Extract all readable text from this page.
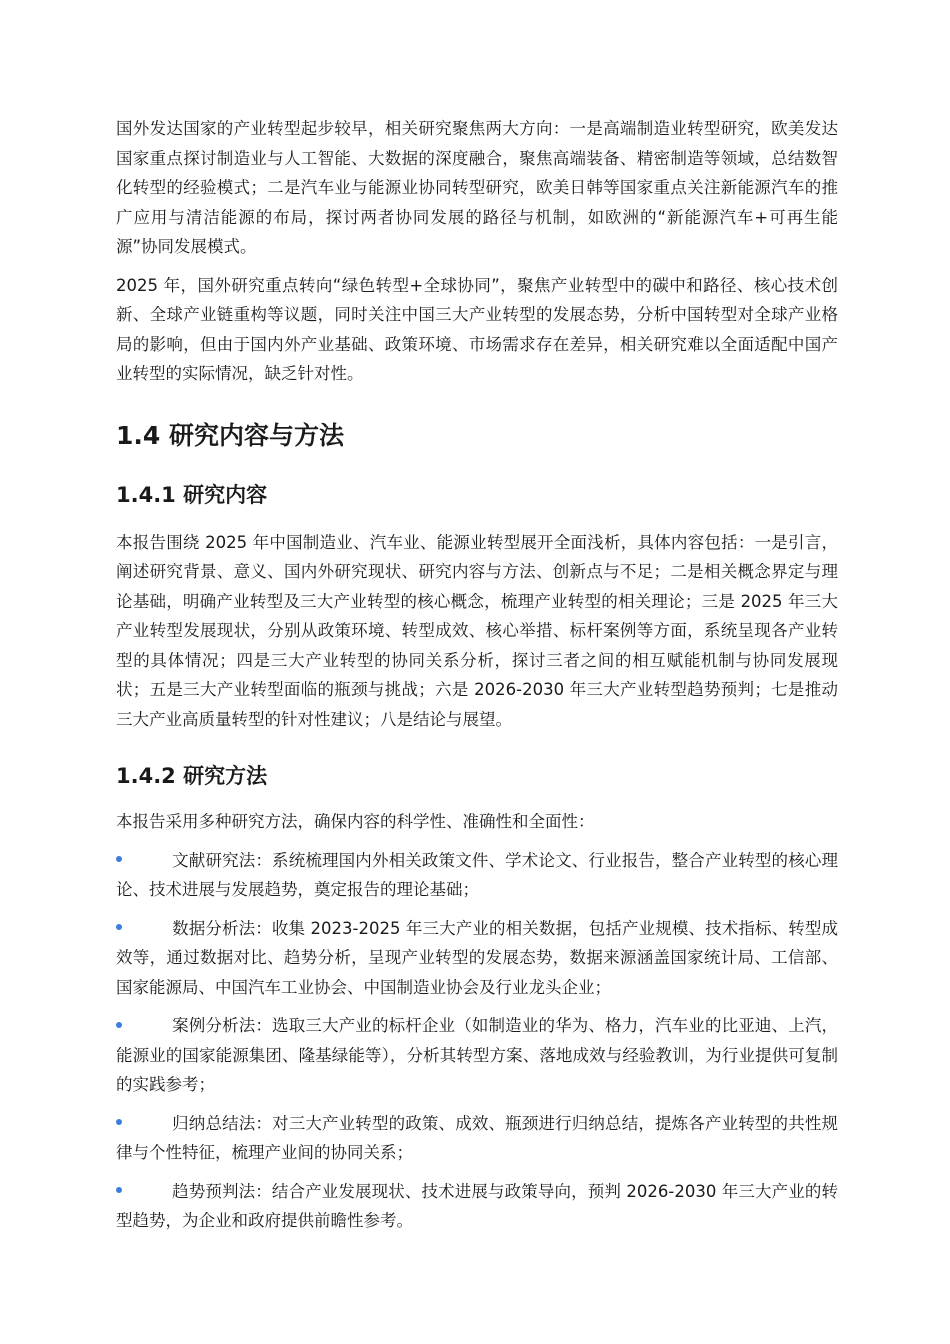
国外发达国家的产业转型起步较早，相关研究聚焦两大方向：一是高端制造业转型研究，欧美发达国家重点探讨制造业与人工智能、大数据的深度融合，聚焦高端装备、精密制造等领域，总结数智化转型的经验模式；二是汽车业与能源业协同转型研究，欧美日韩等国家重点关注新能源汽车的推广应用与清洁能源的布局，探讨两者协同发展的路径与机制，如欧洲的“新能源汽车+可再生能源”协同发展模式。

2025 年，国外研究重点转向“绿色转型+全球协同”，聚焦产业转型中的碳中和路径、核心技术创新、全球产业链重构等议题，同时关注中国三大产业转型的发展态势，分析中国转型对全球产业格局的影响，但由于国内外产业基础、政策环境、市场需求存在差异，相关研究难以全面适配中国产业转型的实际情况，缺乏针对性。

1.4 研究内容与方法
1.4.1 研究内容

本报告围绕 2025 年中国制造业、汽车业、能源业转型展开全面浅析，具体内容包括：一是引言，阐述研究背景、意义、国内外研究现状、研究内容与方法、创新点与不足；二是相关概念界定与理论基础，明确产业转型及三大产业转型的核心概念，梳理产业转型的相关理论；三是 2025 年三大产业转型发展现状，分别从政策环境、转型成效、核心举措、标杆案例等方面，系统呈现各产业转型的具体情况；四是三大产业转型的协同关系分析，探讨三者之间的相互赋能机制与协同发展现状；五是三大产业转型面临的瓶颈与挑战；六是 2026-2030 年三大产业转型趋势预判；七是推动三大产业高质量转型的针对性建议；八是结论与展望。

1.4.2 研究方法

本报告采用多种研究方法，确保内容的科学性、准确性和全面性：

文献研究法：系统梳理国内外相关政策文件、学术论文、行业报告，整合产业转型的核心理论、技术进展与发展趋势，奠定报告的理论基础；
数据分析法：收集 2023-2025 年三大产业的相关数据，包括产业规模、技术指标、转型成效等，通过数据对比、趋势分析，呈现产业转型的发展态势，数据来源涵盖国家统计局、工信部、国家能源局、中国汽车工业协会、中国制造业协会及行业龙头企业；
案例分析法：选取三大产业的标杆企业（如制造业的华为、格力，汽车业的比亚迪、上汽，能源业的国家能源集团、隆基绿能等），分析其转型方案、落地成效与经验教训，为行业提供可复制的实践参考；
归纳总结法：对三大产业转型的政策、成效、瓶颈进行归纳总结，提炼各产业转型的共性规律与个性特征，梳理产业间的协同关系；
趋势预判法：结合产业发展现状、技术进展与政策导向，预判 2026-2030 年三大产业的转型趋势，为企业和政府提供前瞻性参考。
